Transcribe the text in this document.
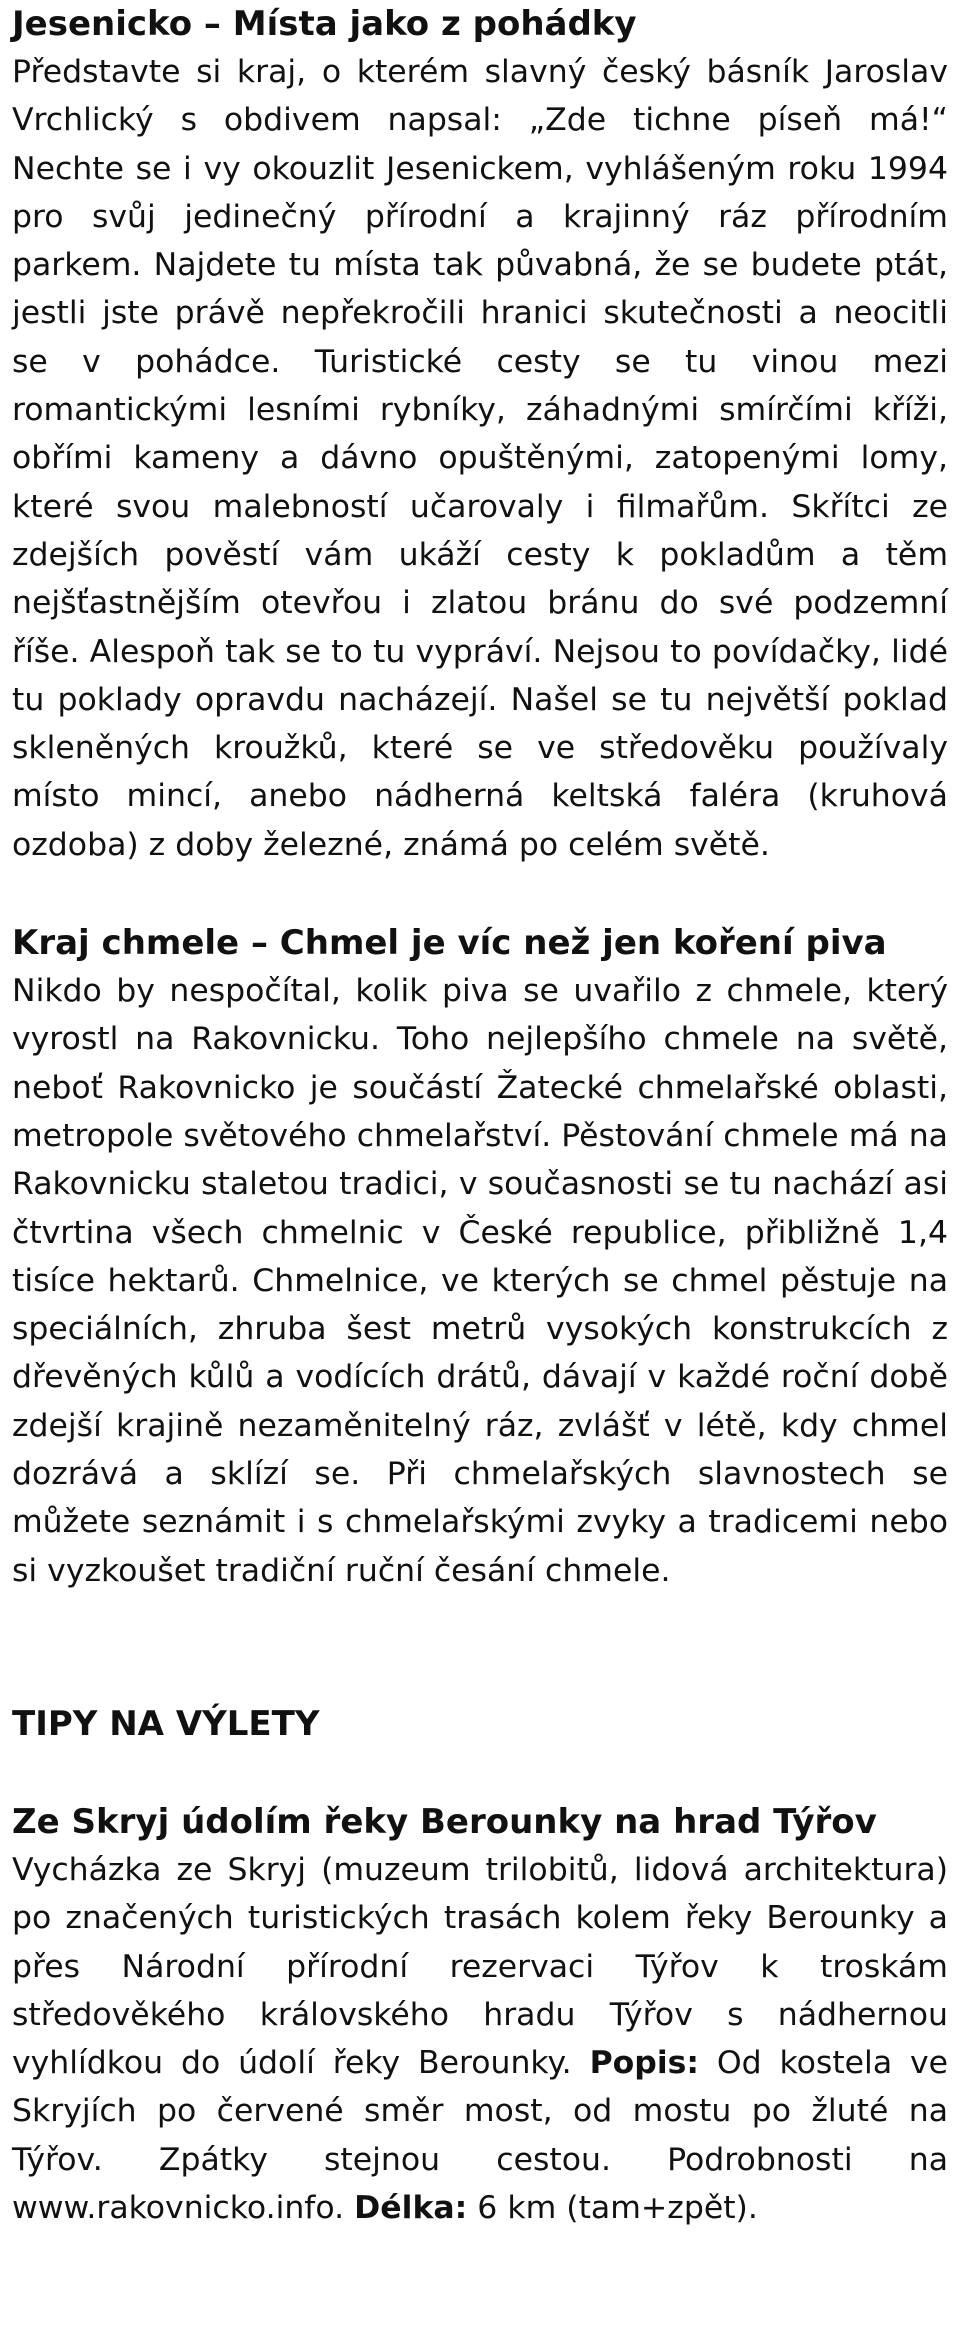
Jesenicko – Místa jako z pohádky

Představte si kraj, o kterém slavný český básník Jaroslav Vrchlický s obdivem napsal: „Zde tichne píseň má!“ Nechte se i vy okouzlit Jesenickem, vyhlášeným roku 1994 pro svůj jedinečný přírodní a krajinný ráz přírodním parkem. Najdete tu místa tak půvabná, že se budete ptát, jestli jste právě nepřekročili hranici skutečnosti a neocitli se v pohádce. Turistické cesty se tu vinou mezi romantickými lesními rybníky, záhadnými smírčími kříži, obřími kameny a dávno opuštěnými, zatopenými lomy, které svou malebností učarovaly i filmařům. Skřítci ze zdejších pověstí vám ukáží cesty k pokladům a těm nejšťastnějším otevřou i zlatou bránu do své podzemní říše. Alespoň tak se to tu vypráví. Nejsou to povídačky, lidé tu poklady opravdu nacházejí. Našel se tu největší poklad skleněných kroužků, které se ve středověku používaly místo mincí, anebo nádherná keltská faléra (kruhová ozdoba) z doby železné, známá po celém světě.

Kraj chmele – Chmel je víc než jen koření piva

Nikdo by nespočítal, kolik piva se uvařilo z chmele, který vyrostl na Rakovnicku. Toho nejlepšího chmele na světě, neboť Rakovnicko je součástí Žatecké chmelařské oblasti, metropole světového chmelařství. Pěstování chmele má na Rakovnicku staletou tradici, v současnosti se tu nachází asi čtvrtina všech chmelnic v České republice, přibližně 1,4 tisíce hektarů. Chmelnice, ve kterých se chmel pěstuje na speciálních, zhruba šest metrů vysokých konstrukcích z dřevěných kůlů a vodících drátů, dávají v každé roční době zdejší krajině nezaměnitelný ráz, zvlášť v létě, kdy chmel dozrává a sklízí se. Při chmelařských slavnostech se můžete seznámit i s chmelařskými zvyky a tradicemi nebo si vyzkoušet tradiční ruční česání chmele.

TIPY NA VÝLETY
Ze Skryj údolím řeky Berounky na hrad Týřov

Vycházka ze Skryj (muzeum trilobitů, lidová architektura) po značených turistických trasách kolem řeky Berounky a přes Národní přírodní rezervaci Týřov k troskám středověkého královského hradu Týřov s nádhernou vyhlídkou do údolí řeky Berounky. Popis: Od kostela ve Skryjích po červené směr most, od mostu po žluté na Týřov. Zpátky stejnou cestou. Podrobnosti na www.rakovnicko.info. Délka: 6 km (tam+zpět).
